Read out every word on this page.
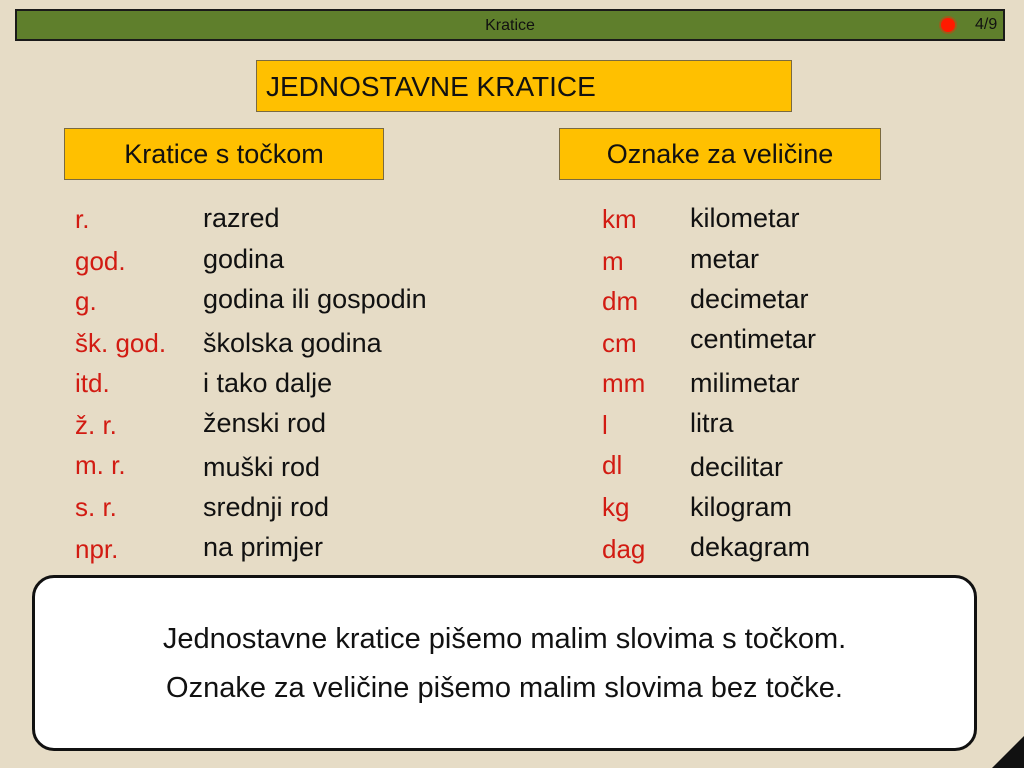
Kratice	4/9
JEDNOSTAVNE KRATICE
Kratice s točkom	Oznake za veličine
r.
god.
g.
šk. god.
itd.
ž. r.
m. r.
s. r.
npr.
razred
godina
godina ili gospodin
školska godina
i tako dalje
ženski rod
muški rod
srednji rod
na primjer
km
m
dm
cm
mm
l
dl
kg
dag
kilometar
metar
decimetar
centimetar
milimetar
litra
decilitar
kilogram
dekagram
Jednostavne kratice pišemo malim slovima s točkom.
Oznake za veličine pišemo malim slovima bez točke.
